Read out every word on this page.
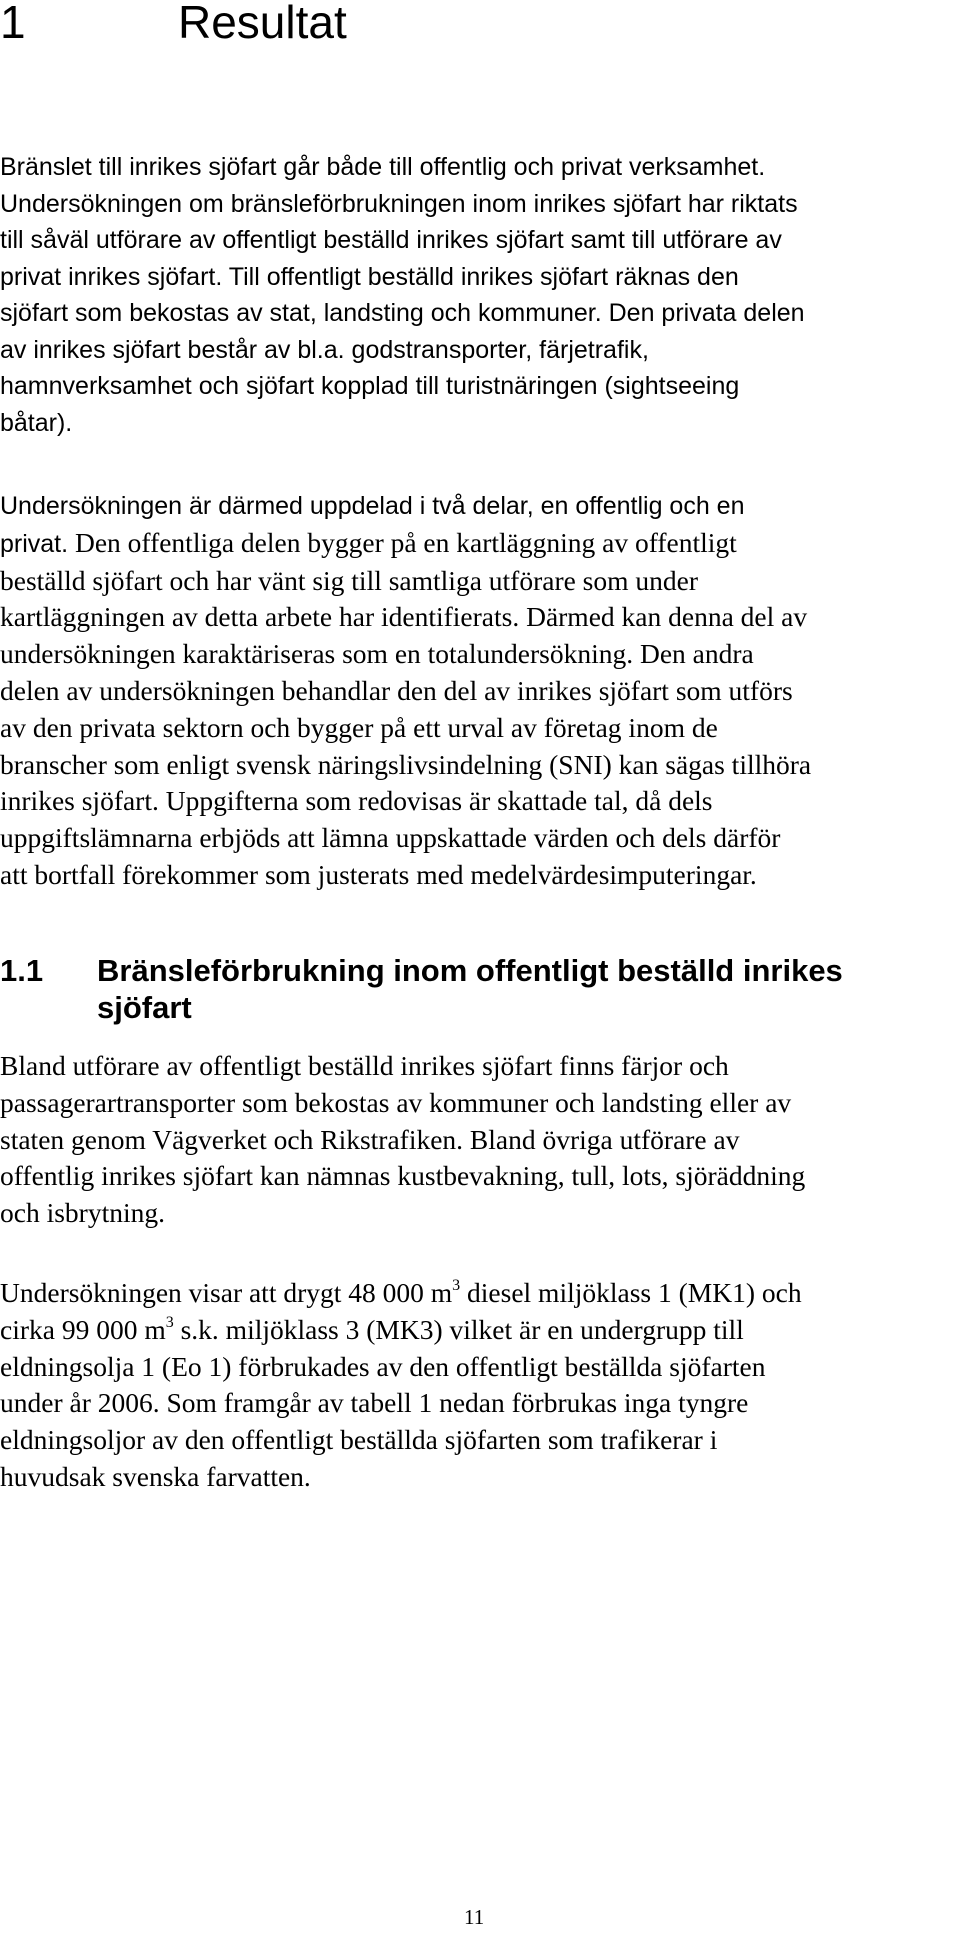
1	Resultat

Bränslet till inrikes sjöfart går både till offentlig och privat verksamhet.
Undersökningen om bränsleförbrukningen inom inrikes sjöfart har riktats
till såväl utförare av offentligt beställd inrikes sjöfart samt till utförare av
privat inrikes sjöfart. Till offentligt beställd inrikes sjöfart räknas den
sjöfart som bekostas av stat, landsting och kommuner. Den privata delen
av inrikes sjöfart består av bl.a. godstransporter, färjetrafik,
hamnverksamhet och sjöfart kopplad till turistnäringen (sightseeing
båtar).

Undersökningen är därmed uppdelad i två delar, en offentlig och en
privat. Den offentliga delen bygger på en kartläggning av offentligt
beställd sjöfart och har vänt sig till samtliga utförare som under
kartläggningen av detta arbete har identifierats. Därmed kan denna del av
undersökningen karaktäriseras som en totalundersökning. Den andra
delen av undersökningen behandlar den del av inrikes sjöfart som utförs
av den privata sektorn och bygger på ett urval av företag inom de
branscher som enligt svensk näringslivsindelning (SNI) kan sägas tillhöra
inrikes sjöfart. Uppgifterna som redovisas är skattade tal, då dels
uppgiftslämnarna erbjöds att lämna uppskattade värden och dels därför
att bortfall förekommer som justerats med medelvärdesimputeringar.

1.1 Bränsleförbrukning inom offentligt beställd inrikes sjöfart

Bland utförare av offentligt beställd inrikes sjöfart finns färjor och
passagerartransporter som bekostas av kommuner och landsting eller av
staten genom Vägverket och Rikstrafiken. Bland övriga utförare av
offentlig inrikes sjöfart kan nämnas kustbevakning, tull, lots, sjöräddning
och isbrytning.

Undersökningen visar att drygt 48 000 $m^3$ diesel miljöklass 1 (MK1) och
cirka 99 000 $m^3$ s.k. miljöklass 3 (MK3) vilket är en undergrupp till
eldningsolja 1 (Eo 1) förbrukades av den offentligt beställda sjöfarten
under år 2006. Som framgår av tabell 1 nedan förbrukas inga tyngre
eldningsoljor av den offentligt beställda sjöfarten som trafikerar i
huvudsak svenska farvatten.

11
